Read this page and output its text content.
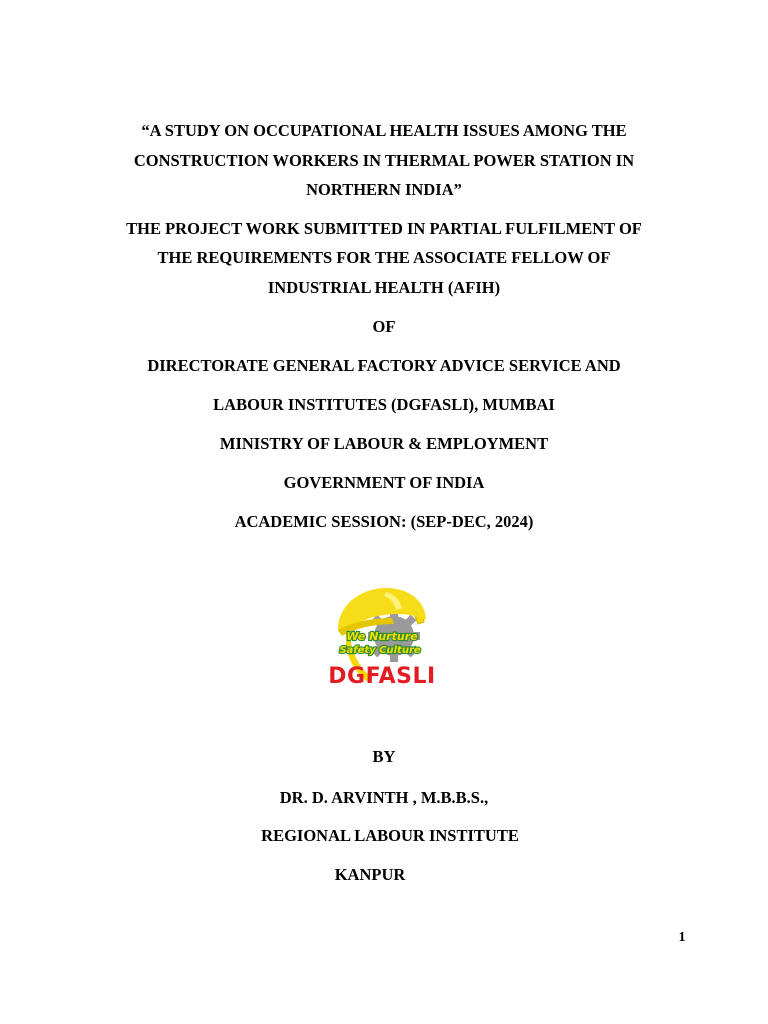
“A STUDY ON OCCUPATIONAL HEALTH ISSUES AMONG THE
CONSTRUCTION WORKERS IN THERMAL POWER STATION IN
NORTHERN INDIA”
THE PROJECT WORK SUBMITTED IN PARTIAL FULFILMENT OF
THE REQUIREMENTS FOR THE ASSOCIATE FELLOW OF
INDUSTRIAL HEALTH (AFIH)
OF
DIRECTORATE GENERAL FACTORY ADVICE SERVICE AND
LABOUR INSTITUTES (DGFASLI), MUMBAI
MINISTRY OF LABOUR & EMPLOYMENT
GOVERNMENT OF INDIA
ACADEMIC SESSION: (SEP-DEC, 2024)
We Nurture
Safety Culture
DGFASLI
BY
DR. D. ARVINTH , M.B.B.S.,
REGIONAL LABOUR INSTITUTE
KANPUR
1
